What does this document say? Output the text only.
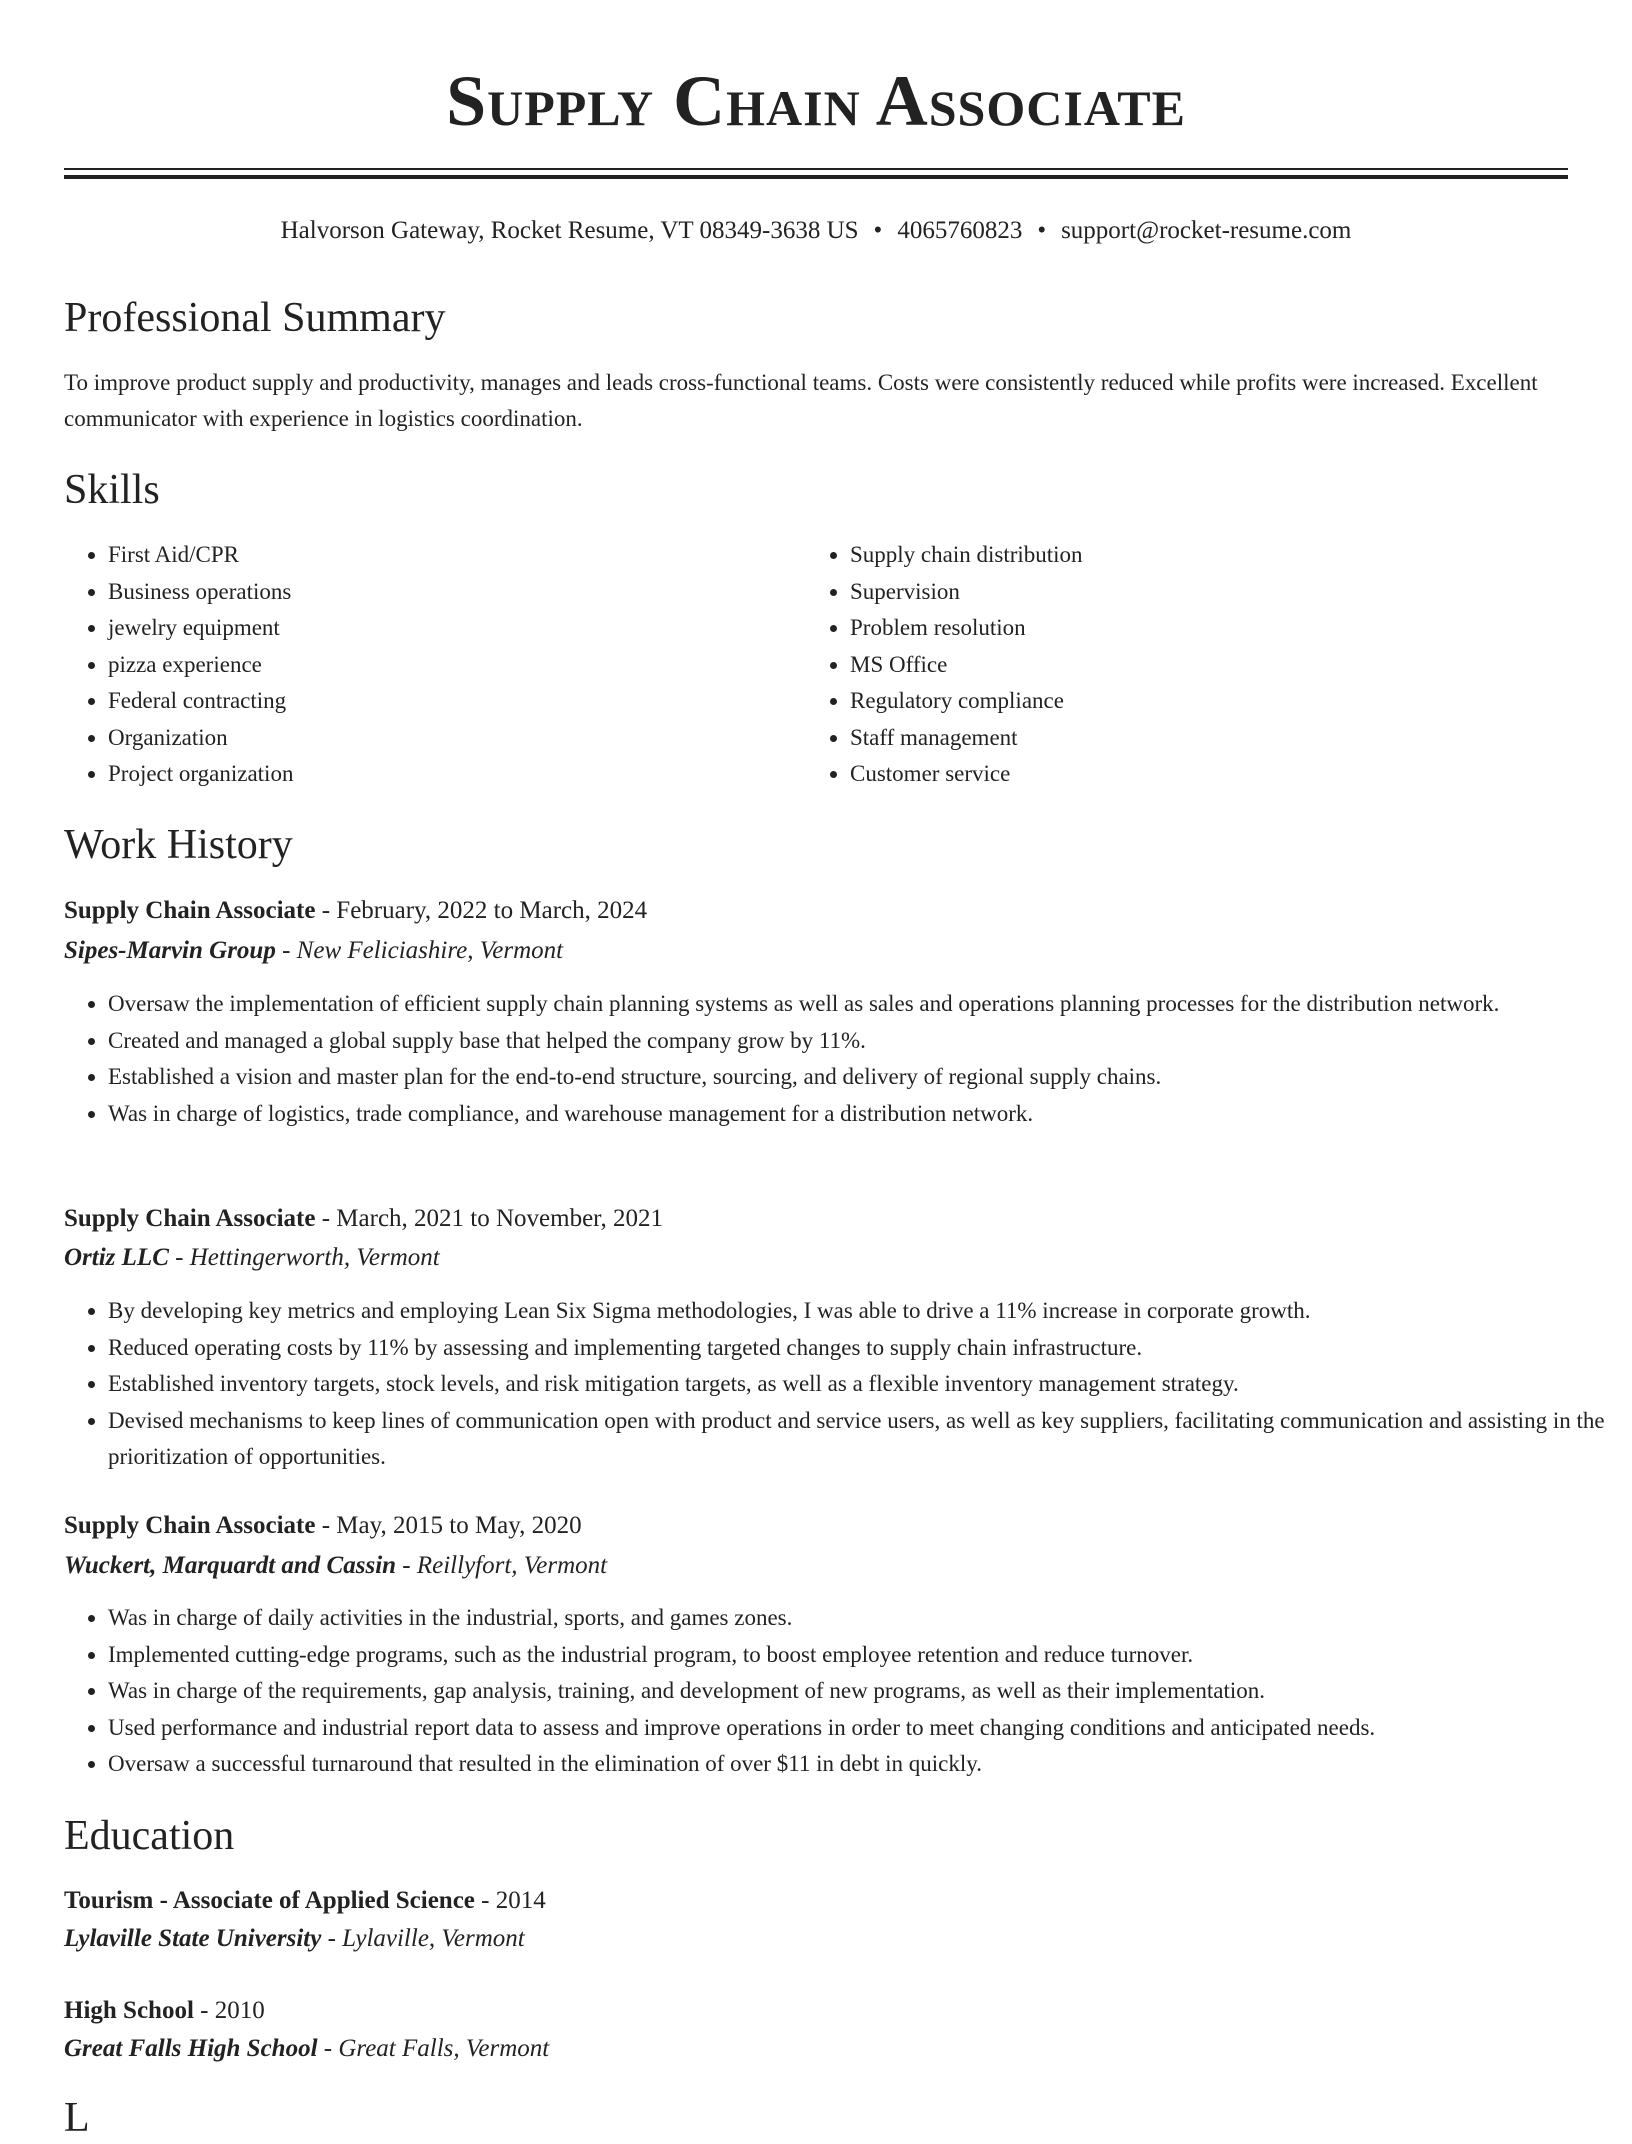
Supply Chain Associate
Halvorson Gateway, Rocket Resume, VT 08349-3638 US • 4065760823 • support@rocket-resume.com
Professional Summary
To improve product supply and productivity, manages and leads cross-functional teams. Costs were consistently reduced while profits were increased. Excellent communicator with experience in logistics coordination.
Skills
• First Aid/CPR
• Business operations
• jewelry equipment
• pizza experience
• Federal contracting
• Organization
• Project organization
• Supply chain distribution
• Supervision
• Problem resolution
• MS Office
• Regulatory compliance
• Staff management
• Customer service
Work History
Supply Chain Associate - February, 2022 to March, 2024
Sipes-Marvin Group - New Feliciashire, Vermont
• Oversaw the implementation of efficient supply chain planning systems as well as sales and operations planning processes for the distribution network.
• Created and managed a global supply base that helped the company grow by 11%.
• Established a vision and master plan for the end-to-end structure, sourcing, and delivery of regional supply chains.
• Was in charge of logistics, trade compliance, and warehouse management for a distribution network.
Supply Chain Associate - March, 2021 to November, 2021
Ortiz LLC - Hettingerworth, Vermont
• By developing key metrics and employing Lean Six Sigma methodologies, I was able to drive a 11% increase in corporate growth.
• Reduced operating costs by 11% by assessing and implementing targeted changes to supply chain infrastructure.
• Established inventory targets, stock levels, and risk mitigation targets, as well as a flexible inventory management strategy.
• Devised mechanisms to keep lines of communication open with product and service users, as well as key suppliers, facilitating communication and assisting in the prioritization of opportunities.
Supply Chain Associate - May, 2015 to May, 2020
Wuckert, Marquardt and Cassin - Reillyfort, Vermont
• Was in charge of daily activities in the industrial, sports, and games zones.
• Implemented cutting-edge programs, such as the industrial program, to boost employee retention and reduce turnover.
• Was in charge of the requirements, gap analysis, training, and development of new programs, as well as their implementation.
• Used performance and industrial report data to assess and improve operations in order to meet changing conditions and anticipated needs.
• Oversaw a successful turnaround that resulted in the elimination of over $11 in debt in quickly.
Education
Tourism - Associate of Applied Science - 2014
Lylaville State University - Lylaville, Vermont
High School - 2010
Great Falls High School - Great Falls, Vermont
L
